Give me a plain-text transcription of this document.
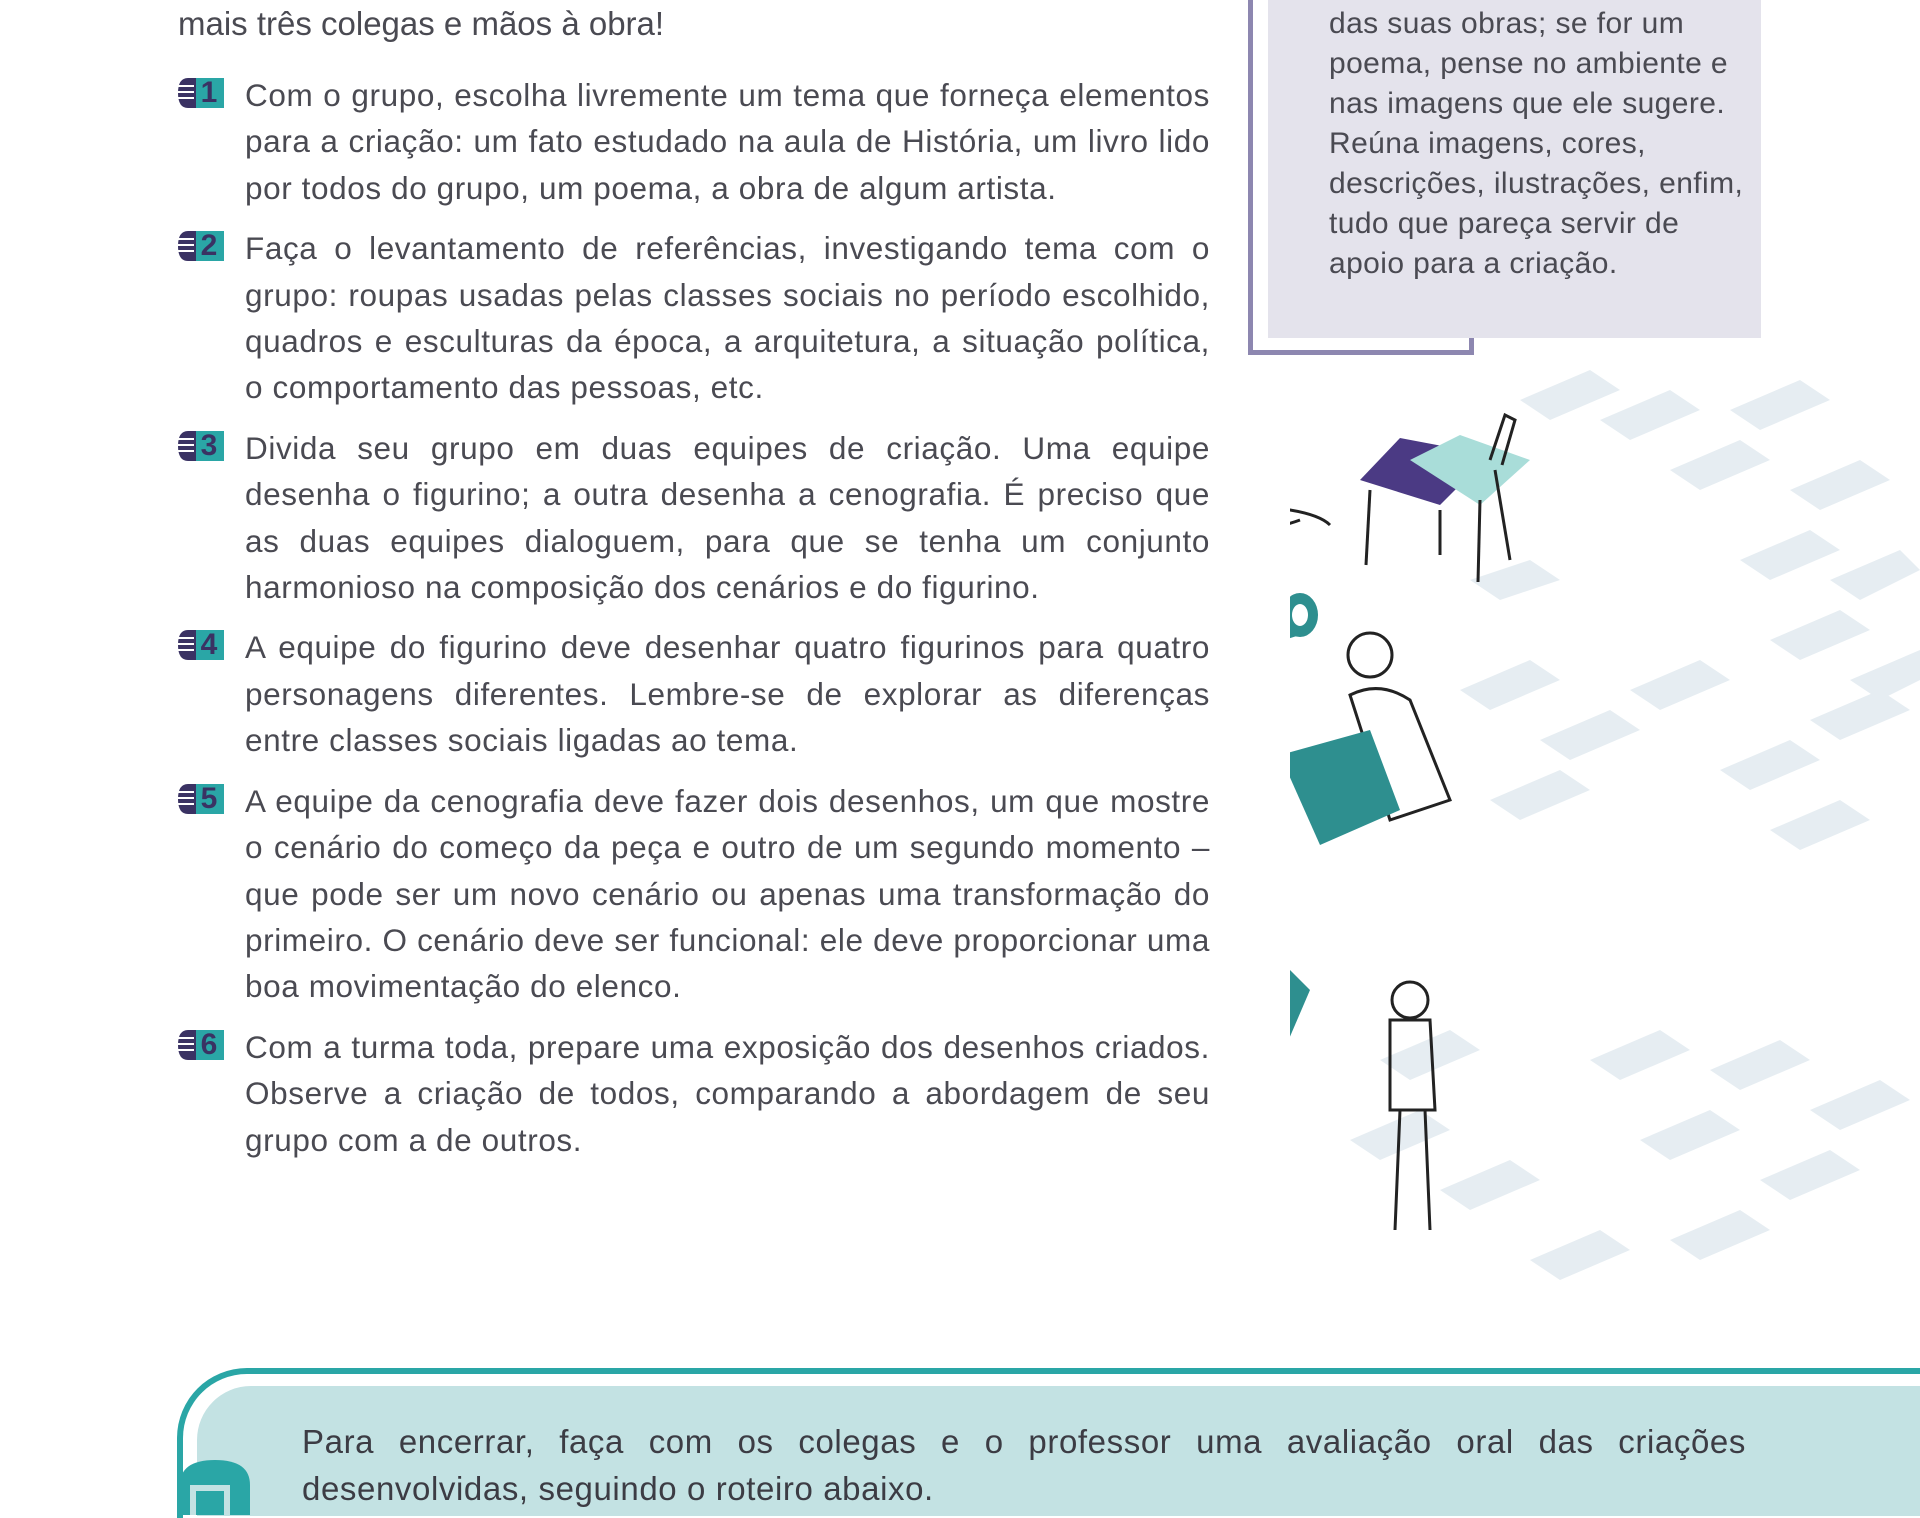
mais três colegas e mãos à obra!

1 Com o grupo, escolha livremente um tema que forneça elementos para a criação: um fato estudado na aula de História, um livro lido por todos do grupo, um poema, a obra de algum artista.
2 Faça o levantamento de referências, investigando tema com o grupo: roupas usadas pelas classes sociais no período escolhido, quadros e esculturas da época, a arquitetura, a situação política, o comportamento das pessoas, etc.
3 Divida seu grupo em duas equipes de criação. Uma equipe desenha o figurino; a outra desenha a cenografia. É preciso que as duas equipes dialoguem, para que se tenha um conjunto harmonioso na composição dos cenários e do figurino.
4 A equipe do figurino deve desenhar quatro figurinos para quatro personagens diferentes. Lembre-se de explorar as diferenças entre classes sociais ligadas ao tema.
5 A equipe da cenografia deve fazer dois desenhos, um que mostre o cenário do começo da peça e outro de um segundo momento – que pode ser um novo cenário ou apenas uma transformação do primeiro. O cenário deve ser funcional: ele deve proporcionar uma boa movimentação do elenco.
6 Com a turma toda, prepare uma exposição dos desenhos criados. Observe a criação de todos, comparando a abordagem de seu grupo com a de outros.
das suas obras; se for um poema, pense no ambiente e nas imagens que ele sugere. Reúna imagens, cores, descrições, ilustrações, enfim, tudo que pareça servir de apoio para a criação.
Para encerrar, faça com os colegas e o professor uma avaliação oral das criações desenvolvidas, seguindo o roteiro abaixo.
